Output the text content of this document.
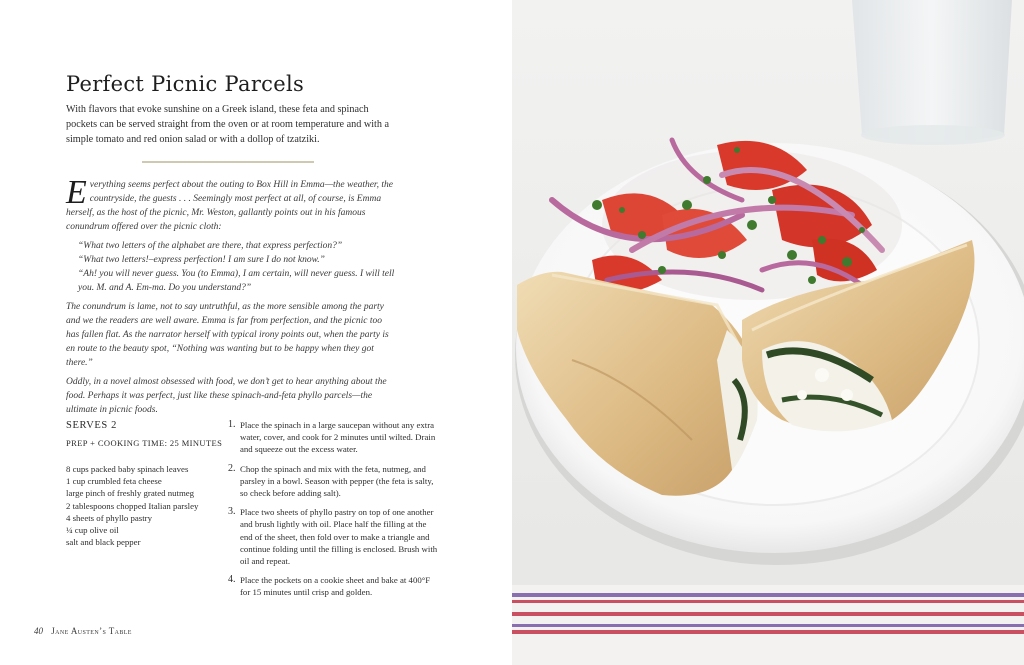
Perfect Picnic Parcels

With flavors that evoke sunshine on a Greek island, these feta and spinach pockets can be served straight from the oven or at room temperature and with a simple tomato and red onion salad or with a dollop of tzatziki.

Everything seems perfect about the outing to Box Hill in Emma—the weather, the countryside, the guests . . . Seemingly most perfect at all, of course, is Emma herself, as the host of the picnic, Mr. Weston, gallantly points out in his famous conundrum offered over the picnic cloth:

“What two letters of the alphabet are there, that express perfection?”
“What two letters!–express perfection! I am sure I do not know.”
“Ah! you will never guess. You (to Emma), I am certain, will never guess. I will tell you. M. and A. Em-ma. Do you understand?”

The conundrum is lame, not to say untruthful, as the more sensible among the party and we the readers are well aware. Emma is far from perfection, and the picnic too has fallen flat. As the narrator herself with typical irony points out, when the party is en route to the beauty spot, “Nothing was wanting but to be happy when they got there.”

Oddly, in a novel almost obsessed with food, we don’t get to hear anything about the food. Perhaps it was perfect, just like these spinach-and-feta phyllo parcels—the ultimate in picnic foods.

SERVES 2
PREP + COOKING TIME: 25 MINUTES
8 cups packed baby spinach leaves
1 cup crumbled feta cheese
large pinch of freshly grated nutmeg
2 tablespoons chopped Italian parsley
4 sheets of phyllo pastry
¼ cup olive oil
salt and black pepper
1. Place the spinach in a large saucepan without any extra water, cover, and cook for 2 minutes until wilted. Drain and squeeze out the excess water.
2. Chop the spinach and mix with the feta, nutmeg, and parsley in a bowl. Season with pepper (the feta is salty, so check before adding salt).
3. Place two sheets of phyllo pastry on top of one another and brush lightly with oil. Place half the filling at the end of the sheet, then fold over to make a triangle and continue folding until the filling is enclosed. Brush with oil and repeat.
4. Place the pockets on a cookie sheet and bake at 400°F for 15 minutes until crisp and golden.
40 Jane Austen’s Table
